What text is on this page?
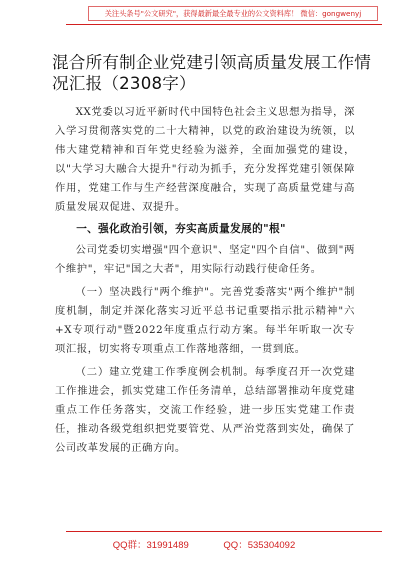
关注头条号"公文研究"，获得最新最全最专业的公文资料库！ 微信：gongwenyj
混合所有制企业党建引领高质量发展工作情况汇报（2308字）

XX党委以习近平新时代中国特色社会主义思想为指导，深入学习贯彻落实党的二十大精神，以党的政治建设为统领，以伟大建党精神和百年党史经验为滋养，全面加强党的建设，以"大学习大融合大提升"行动为抓手，充分发挥党建引领保障作用，党建工作与生产经营深度融合，实现了高质量党建与高质量发展双促进、双提升。

一、强化政治引领，夯实高质量发展的"根"

公司党委切实增强"四个意识"、坚定"四个自信"、做到"两个维护"，牢记"国之大者"，用实际行动践行使命任务。

（一）坚决践行"两个维护"。完善党委落实"两个维护"制度机制，制定并深化落实习近平总书记重要指示批示精神"六+X专项行动"暨2022年度重点行动方案。每半年听取一次专项汇报，切实将专项重点工作落地落细，一贯到底。

（二）建立党建工作季度例会机制。每季度召开一次党建工作推进会，抓实党建工作任务清单，总结部署推动年度党建重点工作任务落实，交流工作经验，进一步压实党建工作责任，推动各级党组织把党要管党、从严治党落到实处，确保了公司改革发展的正确方向。

QQ群：31991489	QQ：535304092
